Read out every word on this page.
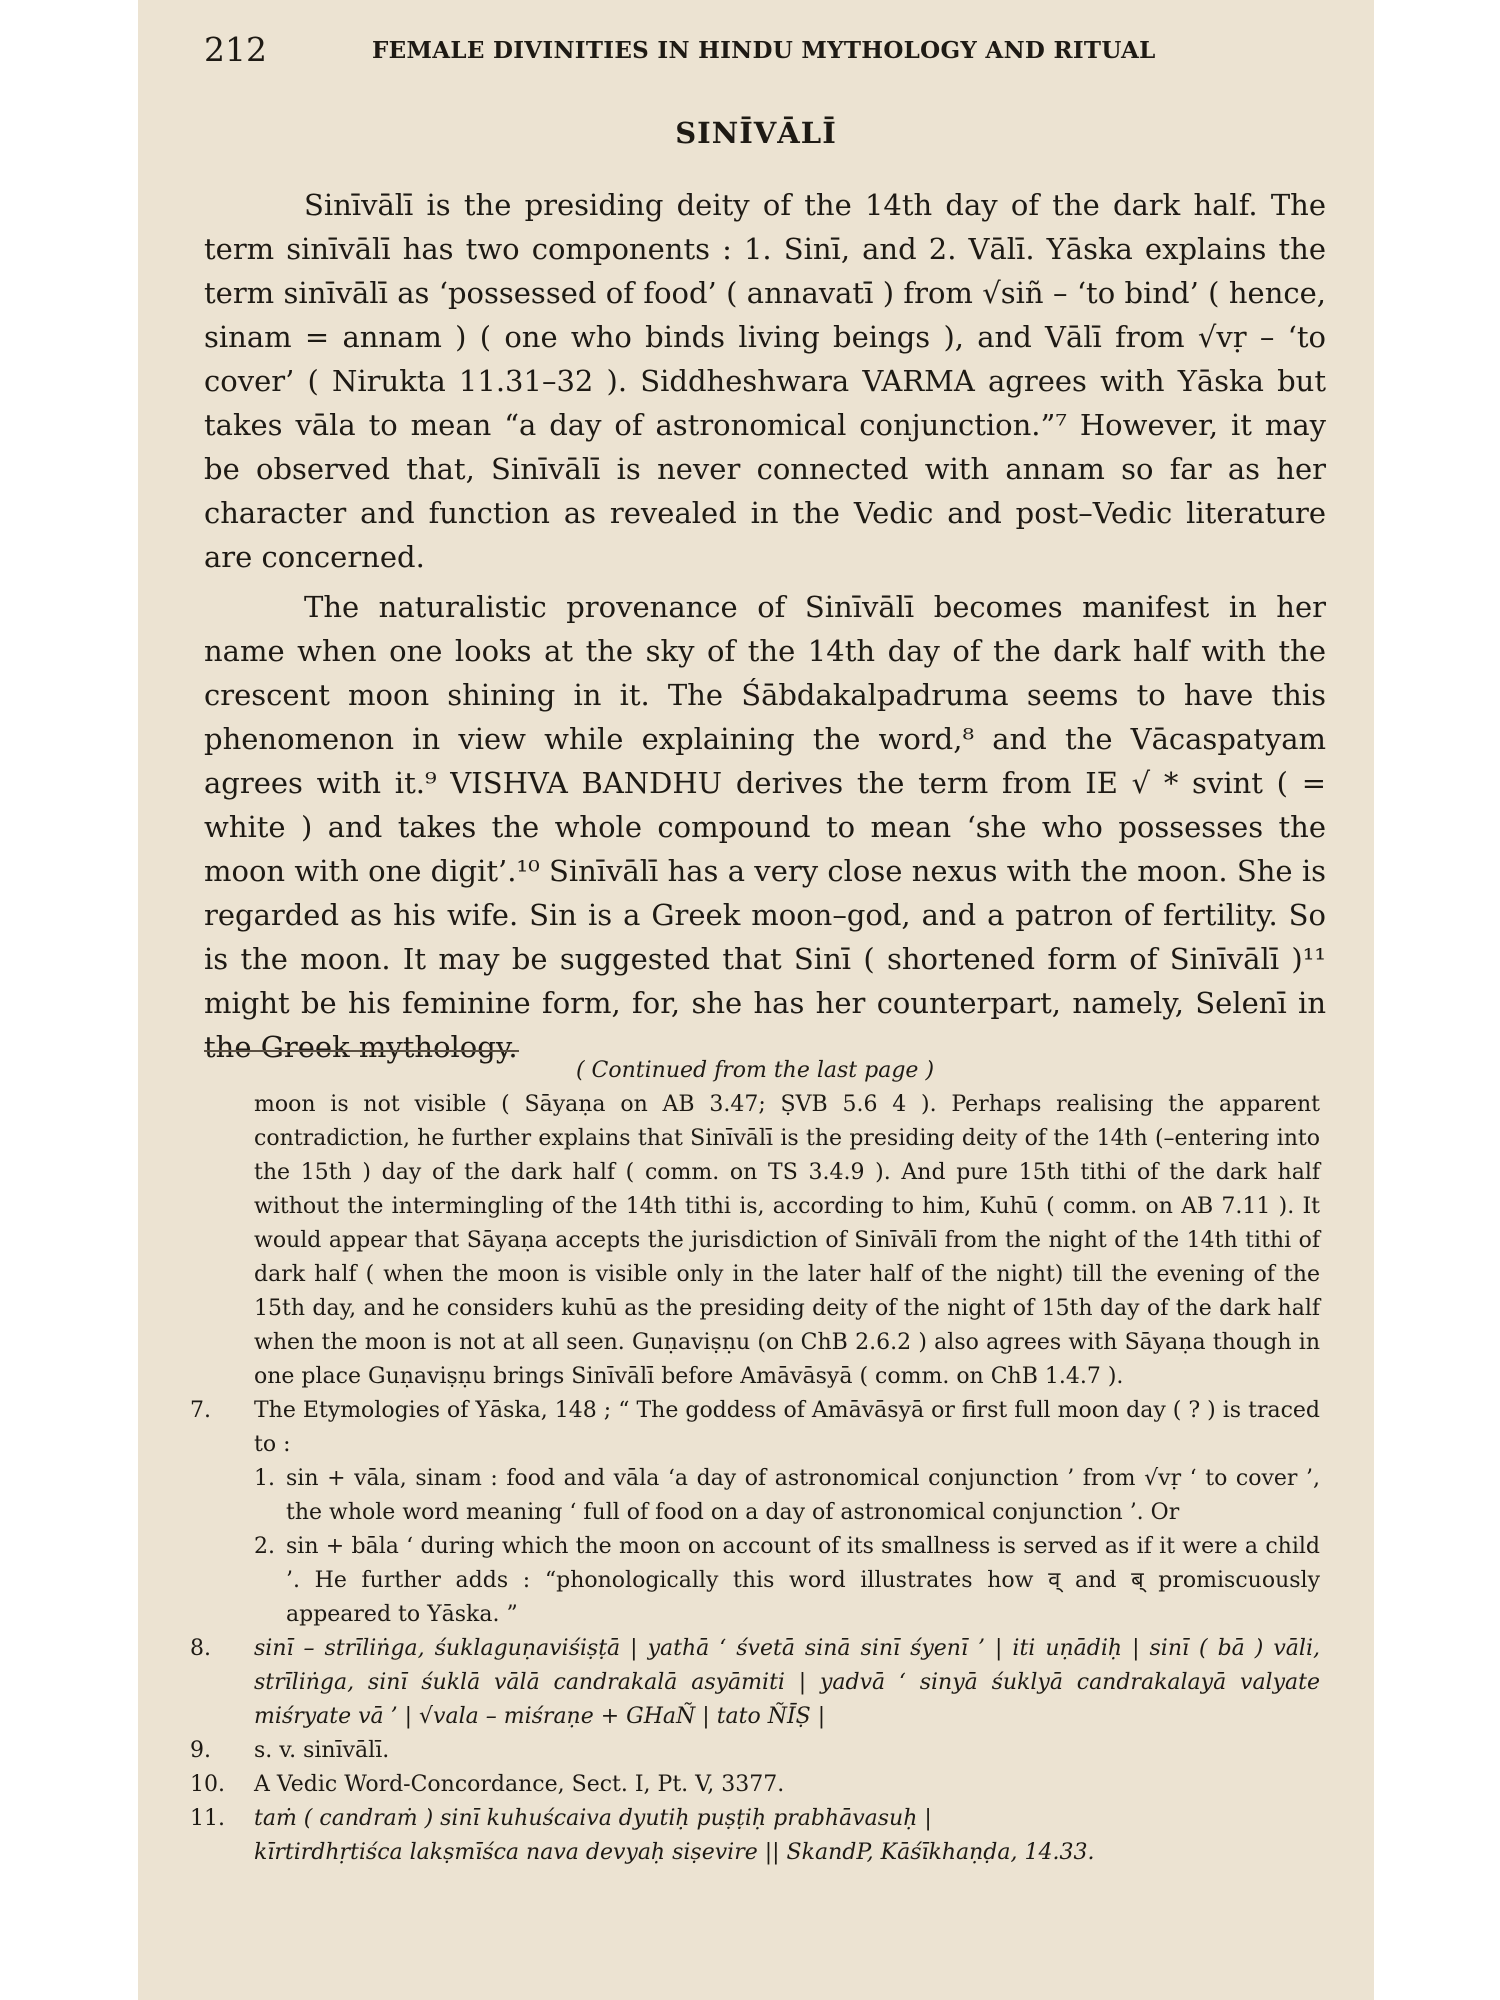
212	FEMALE DIVINITIES IN HINDU MYTHOLOGY AND RITUAL
SINĪVĀLĪ

Sinīvālī is the presiding deity of the 14th day of the dark half. The term sinīvālī has two components : 1. Sinī, and 2. Vālī. Yāska explains the term sinīvālī as ‘possessed of food’ ( annavatī ) from √siñ – ‘to bind’ ( hence, sinam = annam ) ( one who binds living beings ), and Vālī from √vṛ – ‘to cover’ ( Nirukta 11.31–32 ). Siddheshwara VARMA agrees with Yāska but takes vāla to mean “a day of astronomical conjunction.”⁷ However, it may be observed that, Sinīvālī is never connected with annam so far as her character and function as revealed in the Vedic and post–Vedic literature are concerned.

The naturalistic provenance of Sinīvālī becomes manifest in her name when one looks at the sky of the 14th day of the dark half with the crescent moon shining in it. The Śābdakalpadruma seems to have this phenomenon in view while explaining the word,⁸ and the Vācaspatyam agrees with it.⁹ VISHVA BANDHU derives the term from IE √ * svint ( = white ) and takes the whole compound to mean ‘she who possesses the moon with one digit’.¹⁰ Sinīvālī has a very close nexus with the moon. She is regarded as his wife. Sin is a Greek moon–god, and a patron of fertility. So is the moon. It may be suggested that Sinī ( shortened form of Sinīvālī )¹¹ might be his feminine form, for, she has her counterpart, namely, Selenī in the Greek mythology.

( Continued from the last page )

moon is not visible ( Sāyaṇa on AB 3.47; ṢVB 5.6 4 ). Perhaps realising the apparent contradiction, he further explains that Sinīvālī is the presiding deity of the 14th (–entering into the 15th ) day of the dark half ( comm. on TS 3.4.9 ). And pure 15th tithi of the dark half without the intermingling of the 14th tithi is, according to him, Kuhū ( comm. on AB 7.11 ). It would appear that Sāyaṇa accepts the jurisdiction of Sinīvālī from the night of the 14th tithi of dark half ( when the moon is visible only in the later half of the night) till the evening of the 15th day, and he considers kuhū as the presiding deity of the night of 15th day of the dark half when the moon is not at all seen. Guṇaviṣṇu (on ChB 2.6.2 ) also agrees with Sāyaṇa though in one place Guṇaviṣṇu brings Sinīvālī before Amāvāsyā ( comm. on ChB 1.4.7 ).

7.	The Etymologies of Yāska, 148 ; “ The goddess of Amāvāsyā or first full moon day ( ? ) is traced to :

1. sin + vāla, sinam : food and vāla ‘a day of astronomical conjunction ’ from √vṛ ‘ to cover ’, the whole word meaning ‘ full of food on a day of astronomical conjunction ’. Or
2. sin + bāla ‘ during which the moon on account of its smallness is served as if it were a child ’. He further adds : “phonologically this word illustrates how व् and ब् promiscuously appeared to Yāska. ”
8.	sinī – strīliṅga, śuklaguṇaviśiṣṭā | yathā ‘ śvetā sinā sinī śyenī ’ | iti uṇādiḥ | sinī ( bā ) vāli, strīliṅga, sinī śuklā vālā candrakalā asyāmiti | yadvā ‘ sinyā śuklyā candrakalayā valyate miśryate vā ’ | √vala – miśraṇe + GHaÑ | tato ÑĪṢ |

9.	s. v. sinīvālī.

10.	A Vedic Word-Concordance, Sect. I, Pt. V, 3377.

11.	taṁ ( candraṁ ) sinī kuhuścaiva dyutiḥ puṣṭiḥ prabhāvasuḥ |

kīrtirdhṛtiśca lakṣmīśca nava devyaḥ siṣevire || SkandP, Kāśīkhaṇḍa, 14.33.
